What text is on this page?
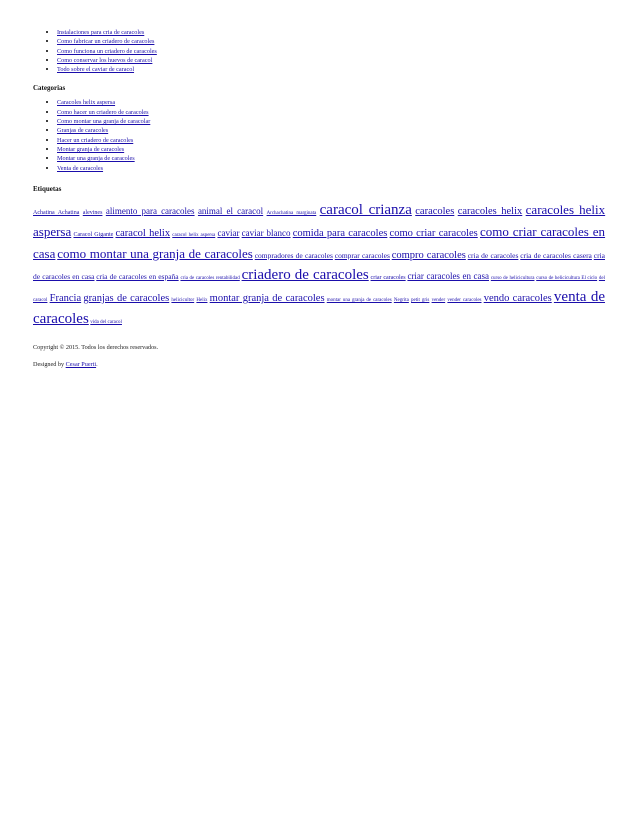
• Instalaciones para cria de caracoles
• Como fabricar un criadero de caracoles
• Como funciona un criadero de caracoles
• Como conservar los huevos de caracol
• Todo sobre el caviar de caracol
Categorias
• Caracoles helix aspersa
• Como hacer un criadero de caracoles
• Como montar una granja de caracolar
• Granjas de caracoles
• Hacer un criadero de caracoles
• Montar granja de caracoles
• Montar una granja de caracoles
• Venta de caracoles
Etiquetas
Achatina Achatina alevines alimento para caracoles animal el caracol Archachatina marginata caracol crianza caracoles caracoles helix caracoles helix aspersa Caracol Gigante caracol helix caracol helix aspersa caviar caviar blanco comida para caracoles como criar caracoles como criar caracoles en casa como montar una granja de caracoles compradores de caracoles comprar caracoles compro caracoles cria de caracoles cria de caracoles casera cria de caracoles en casa cria de caracoles en españa cria de caracoles rentabilidad criadero de caracoles criar caracoles criar caracoles en casa curso de helicicultura curso de helicicultura El ciclo del caracol Francia granjas de caracoles helicicultor Helix montar granja de caracoles montar una granja de caracoles Negrita petit gris vender vender caracoles vendo caracoles venta de caracoles vida del caracol

Copyright © 2015. Todos los derechos reservados.

Designed by Cesar Puerti.
